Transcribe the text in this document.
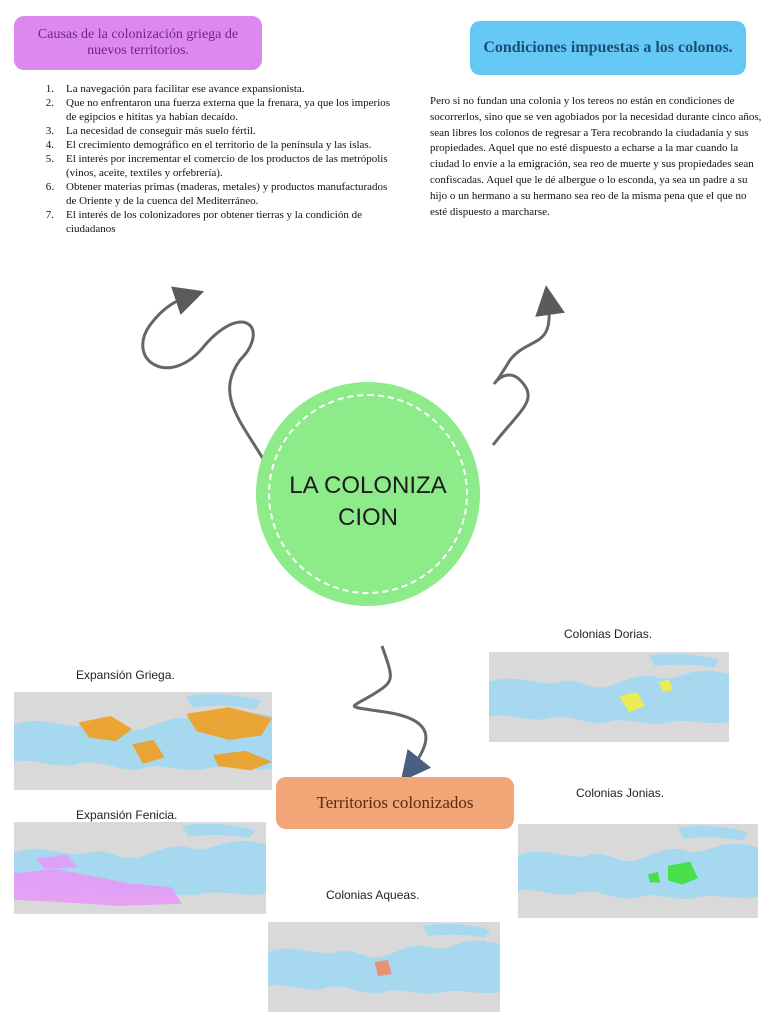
Causas de la colonización griega de nuevos territorios.
1. La navegación para facilitar ese avance expansionista.
2. Que no enfrentaron una fuerza externa que la frenara, ya que los imperios de egipcios e hititas ya habían decaído.
3. La necesidad de conseguir más suelo fértil.
4. El crecimiento demográfico en el territorio de la península y las islas.
5. El interés por incrementar el comercio de los productos de las metrópolis (vinos, aceite, textiles y orfebrería).
6. Obtener materias primas (maderas, metales) y productos manufacturados de Oriente y de la cuenca del Mediterráneo.
7. El interés de los colonizadores por obtener tierras y la condición de ciudadanos
Condiciones impuestas a los colonos.

Pero si no fundan una colonia y los tereos no están en condiciones de socorrerlos, sino que se ven agobiados por la necesidad durante cinco años, sean libres los colonos de regresar a Tera recobrando la ciudadanía y sus propiedades. Aquel que no esté dispuesto a echarse a la mar cuando la ciudad lo envíe a la emigración, sea reo de muerte y sus propiedades sean confiscadas. Aquel que le dé albergue o lo esconda, ya sea un padre a su hijo o un hermano a su hermano sea reo de la misma pena que el que no esté dispuesto a marcharse.

LA COLONIZACION
Territorios colonizados
Expansión Griega.
Expansión Fenicia.
Colonias Aqueas.
Colonias Dorias.
Colonias Jonias.
